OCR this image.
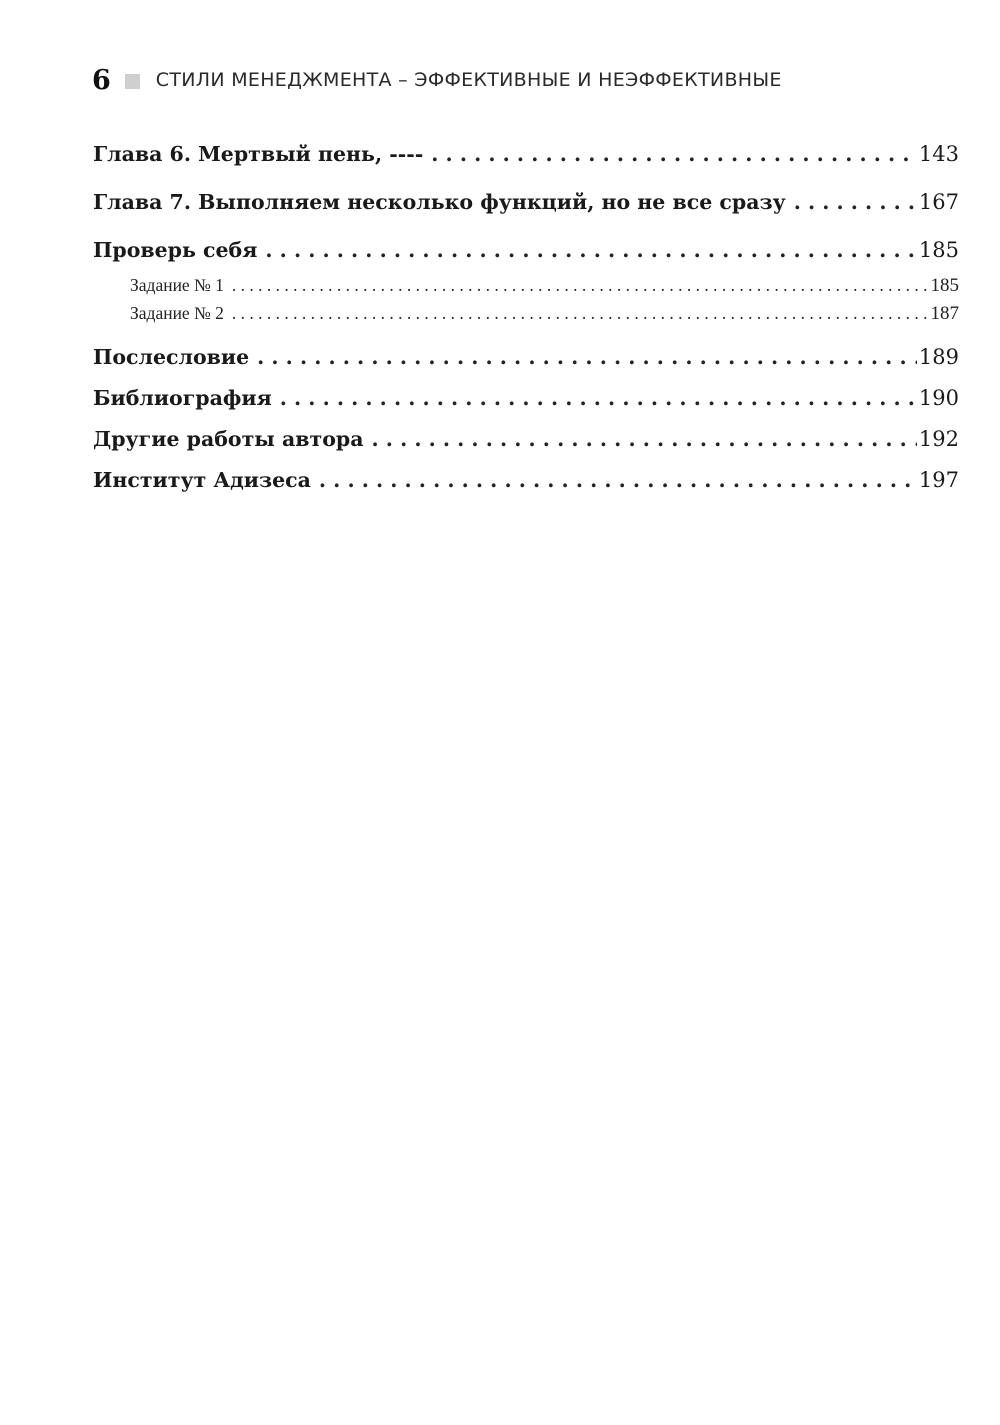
6 СТИЛИ МЕНЕДЖМЕНТА – ЭФФЕКТИВНЫЕ И НЕЭФФЕКТИВНЫЕ
Глава 6. Мертвый пень, ---- . . .	143
Глава 7. Выполняем несколько функций, но не все сразу . . .	167
Проверь себя . . .	185
Задание № 1 . . .	185
Задание № 2 . . .	187
Послесловие . . .	189
Библиография . . .	190
Другие работы автора . . .	192
Институт Адизеса . . .	197
